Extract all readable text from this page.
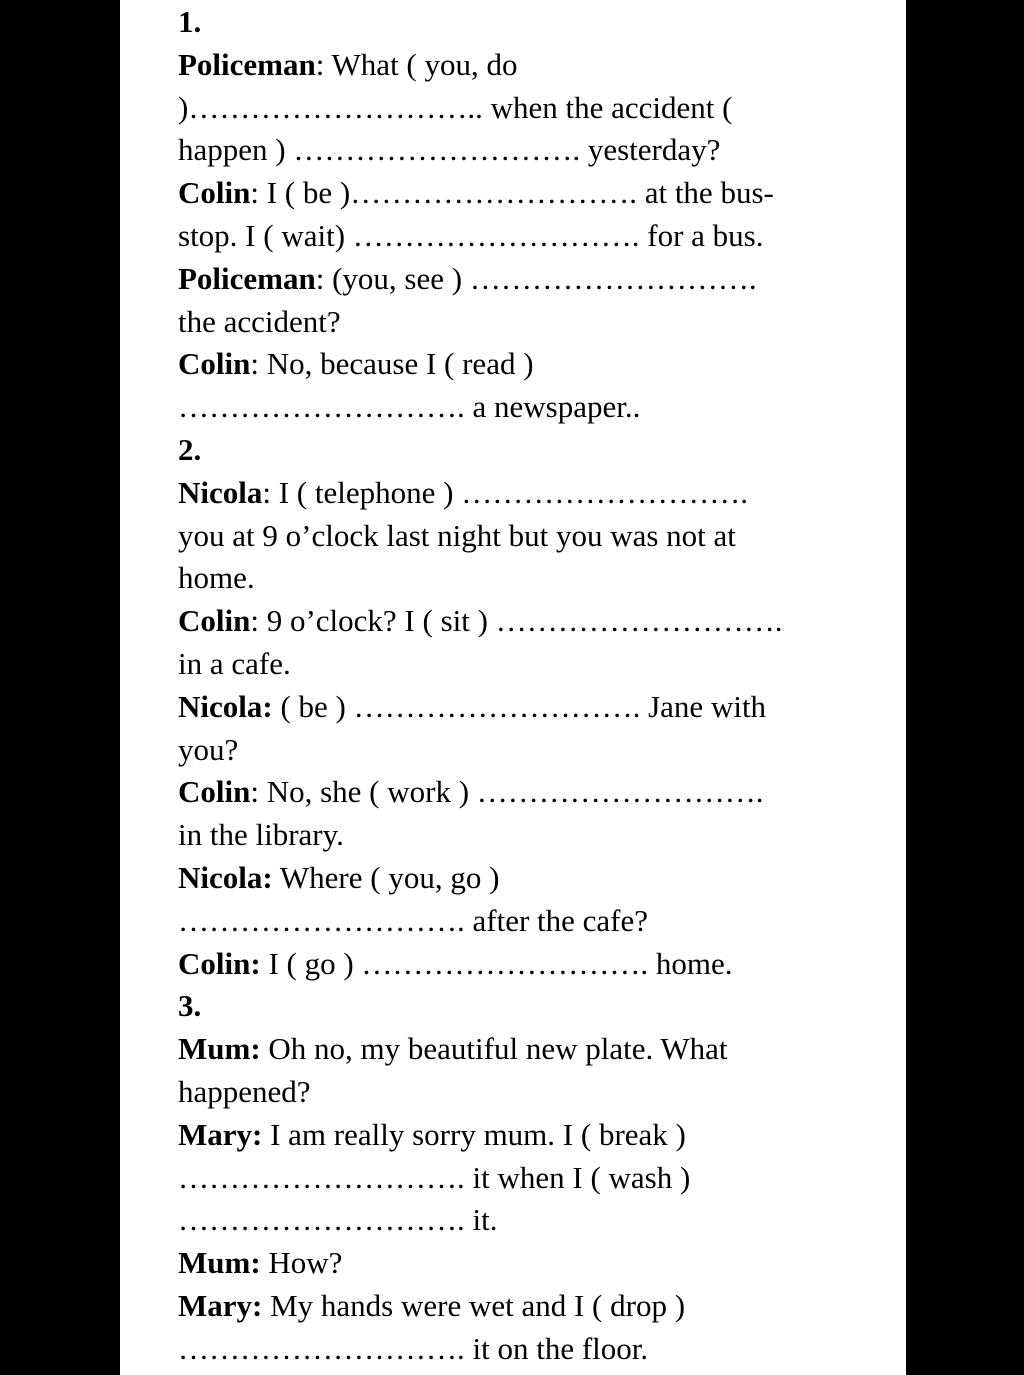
1.
Policeman: What ( you, do
)……………………….. when the accident (
happen ) ………………………. yesterday?
Colin: I ( be )………………………. at the bus-
stop. I ( wait) ………………………. for a bus.
Policeman: (you, see ) ……………………….
the accident?
Colin: No, because I ( read )
………………………. a newspaper..
2.
Nicola: I ( telephone ) ……………………….
you at 9 o’clock last night but you was not at
home.
Colin: 9 o’clock? I ( sit ) ……………………….
in a cafe.
Nicola: ( be ) ………………………. Jane with
you?
Colin: No, she ( work ) ……………………….
in the library.
Nicola: Where ( you, go )
………………………. after the cafe?
Colin: I ( go ) ………………………. home.
3.
Mum: Oh no, my beautiful new plate. What
happened?
Mary: I am really sorry mum. I ( break )
………………………. it when I ( wash )
………………………. it.
Mum: How?
Mary: My hands were wet and I ( drop )
………………………. it on the floor.
